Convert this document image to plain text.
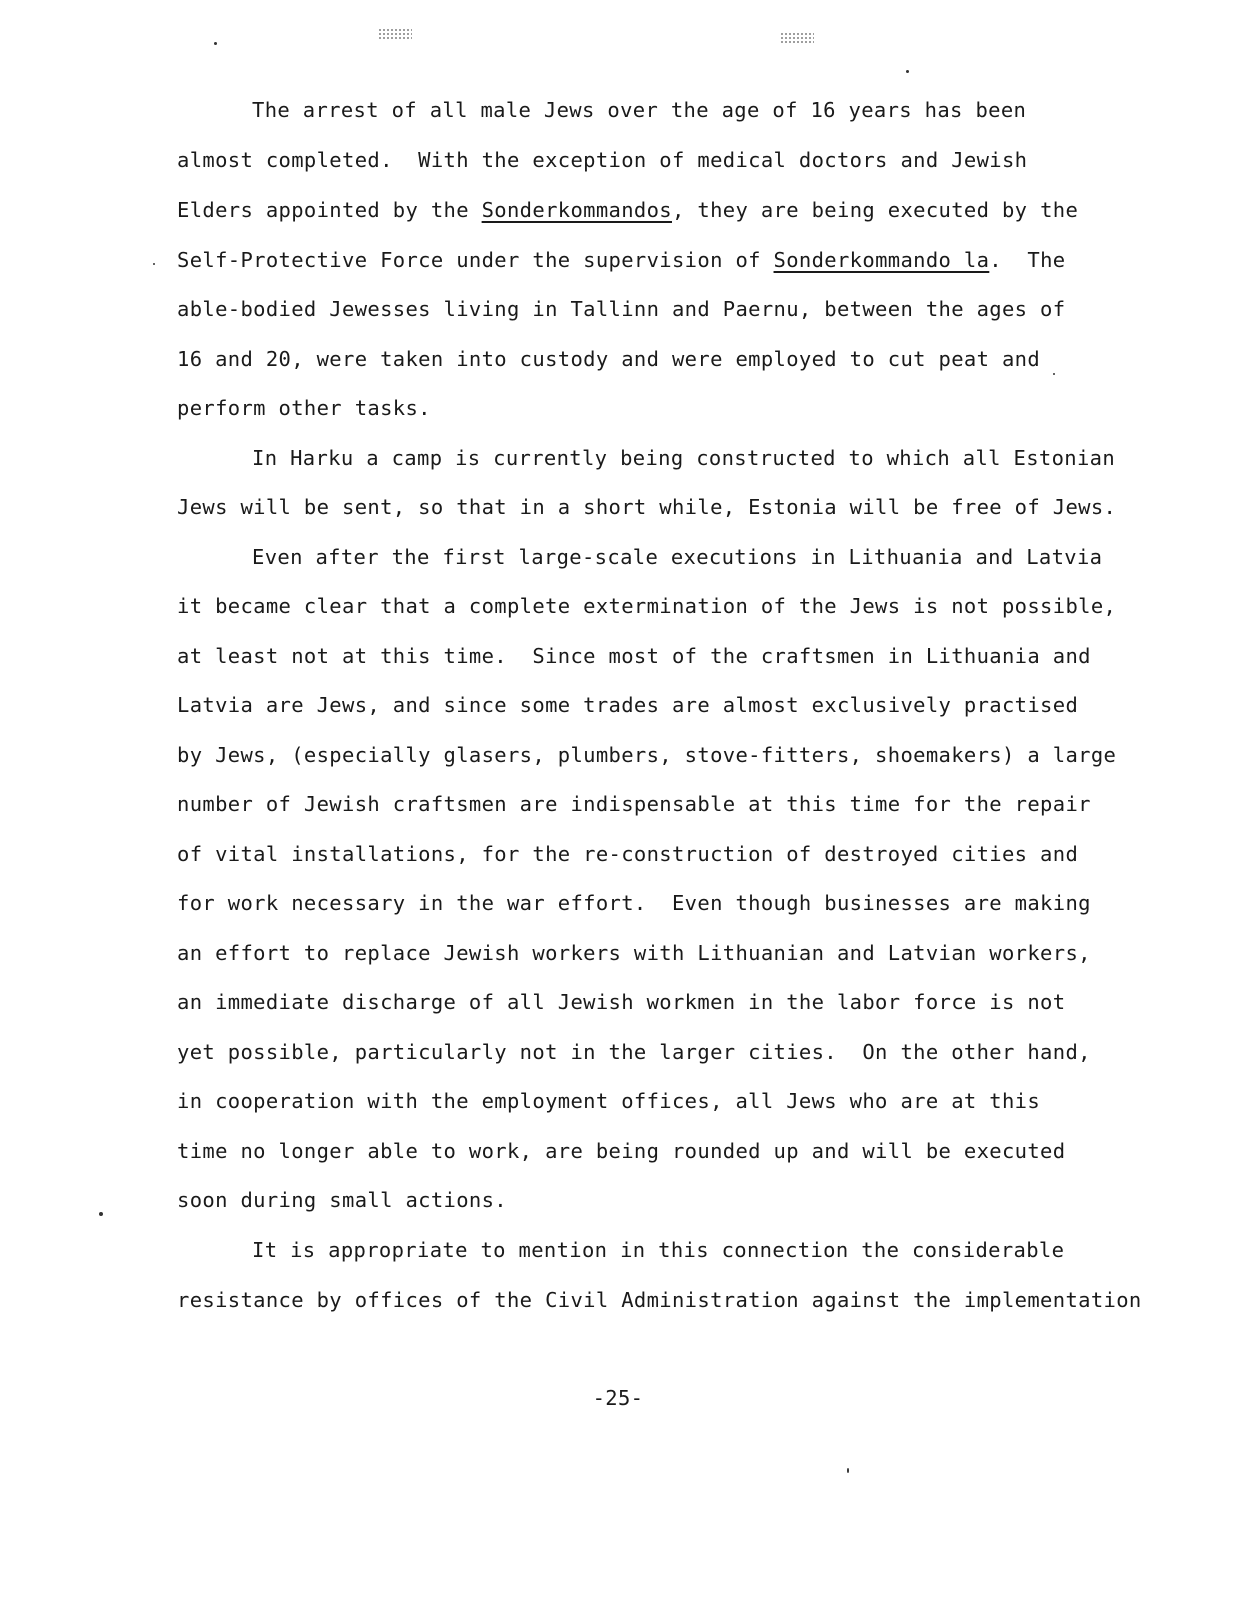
The arrest of all male Jews over the age of 16 years has been
almost completed.  With the exception of medical doctors and Jewish
Elders appointed by the Sonderkommandos, they are being executed by the
Self-Protective Force under the supervision of Sonderkommando la.  The
able-bodied Jewesses living in Tallinn and Paernu, between the ages of
16 and 20, were taken into custody and were employed to cut peat and
perform other tasks.
In Harku a camp is currently being constructed to which all Estonian
Jews will be sent, so that in a short while, Estonia will be free of Jews.
Even after the first large-scale executions in Lithuania and Latvia
it became clear that a complete extermination of the Jews is not possible,
at least not at this time.  Since most of the craftsmen in Lithuania and
Latvia are Jews, and since some trades are almost exclusively practised
by Jews, (especially glasers, plumbers, stove-fitters, shoemakers) a large
number of Jewish craftsmen are indispensable at this time for the repair
of vital installations, for the re-construction of destroyed cities and
for work necessary in the war effort.  Even though businesses are making
an effort to replace Jewish workers with Lithuanian and Latvian workers,
an immediate discharge of all Jewish workmen in the labor force is not
yet possible, particularly not in the larger cities.  On the other hand,
in cooperation with the employment offices, all Jews who are at this
time no longer able to work, are being rounded up and will be executed
soon during small actions.
It is appropriate to mention in this connection the considerable
resistance by offices of the Civil Administration against the implementation
-25-
